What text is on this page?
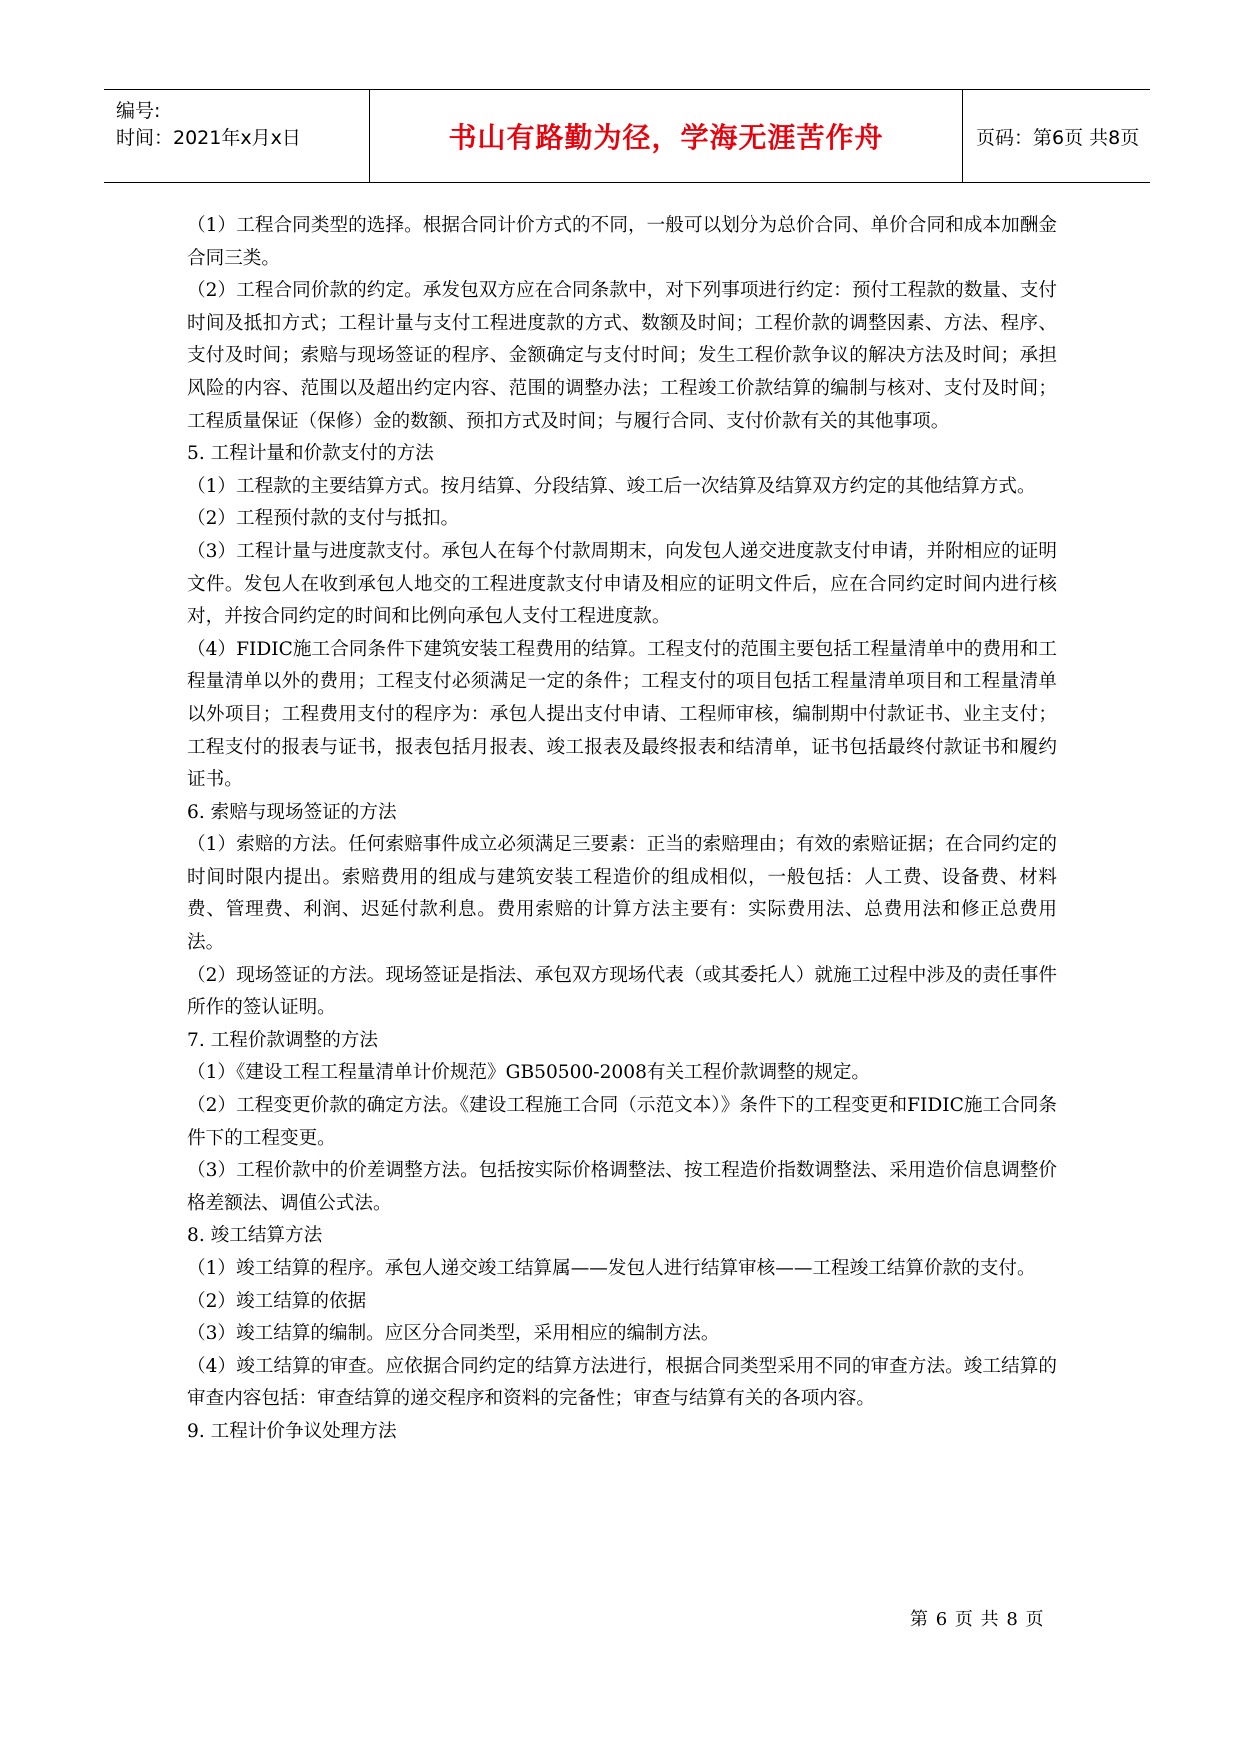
编号:
时间：2021年x月x日	书山有路勤为径，学海无涯苦作舟	页码：第6页 共8页

（1）工程合同类型的选择。根据合同计价方式的不同，一般可以划分为总价合同、单价合同和成本加酬金合同三类。

（2）工程合同价款的约定。承发包双方应在合同条款中，对下列事项进行约定：预付工程款的数量、支付时间及抵扣方式；工程计量与支付工程进度款的方式、数额及时间；工程价款的调整因素、方法、程序、支付及时间；索赔与现场签证的程序、金额确定与支付时间；发生工程价款争议的解决方法及时间；承担风险的内容、范围以及超出约定内容、范围的调整办法；工程竣工价款结算的编制与核对、支付及时间；工程质量保证（保修）金的数额、预扣方式及时间；与履行合同、支付价款有关的其他事项。

5. 工程计量和价款支付的方法

（1）工程款的主要结算方式。按月结算、分段结算、竣工后一次结算及结算双方约定的其他结算方式。

（2）工程预付款的支付与抵扣。

（3）工程计量与进度款支付。承包人在每个付款周期末，向发包人递交进度款支付申请，并附相应的证明文件。发包人在收到承包人地交的工程进度款支付申请及相应的证明文件后，应在合同约定时间内进行核对，并按合同约定的时间和比例向承包人支付工程进度款。

（4）FIDIC施工合同条件下建筑安装工程费用的结算。工程支付的范围主要包括工程量清单中的费用和工程量清单以外的费用；工程支付必须满足一定的条件；工程支付的项目包括工程量清单项目和工程量清单以外项目；工程费用支付的程序为：承包人提出支付申请、工程师审核，编制期中付款证书、业主支付；工程支付的报表与证书，报表包括月报表、竣工报表及最终报表和结清单，证书包括最终付款证书和履约证书。

6. 索赔与现场签证的方法

（1）索赔的方法。任何索赔事件成立必须满足三要素：正当的索赔理由；有效的索赔证据；在合同约定的时间时限内提出。索赔费用的组成与建筑安装工程造价的组成相似，一般包括：人工费、设备费、材料费、管理费、利润、迟延付款利息。费用索赔的计算方法主要有：实际费用法、总费用法和修正总费用法。

（2）现场签证的方法。现场签证是指法、承包双方现场代表（或其委托人）就施工过程中涉及的责任事件所作的签认证明。

7. 工程价款调整的方法

（1）《建设工程工程量清单计价规范》GB50500-2008有关工程价款调整的规定。

（2）工程变更价款的确定方法。《建设工程施工合同（示范文本）》条件下的工程变更和FIDIC施工合同条件下的工程变更。

（3）工程价款中的价差调整方法。包括按实际价格调整法、按工程造价指数调整法、采用造价信息调整价格差额法、调值公式法。

8. 竣工结算方法

（1）竣工结算的程序。承包人递交竣工结算属——发包人进行结算审核——工程竣工结算价款的支付。

（2）竣工结算的依据

（3）竣工结算的编制。应区分合同类型，采用相应的编制方法。

（4）竣工结算的审查。应依据合同约定的结算方法进行，根据合同类型采用不同的审查方法。竣工结算的审查内容包括：审查结算的递交程序和资料的完备性；审查与结算有关的各项内容。

9. 工程计价争议处理方法

第 6 页 共 8 页
